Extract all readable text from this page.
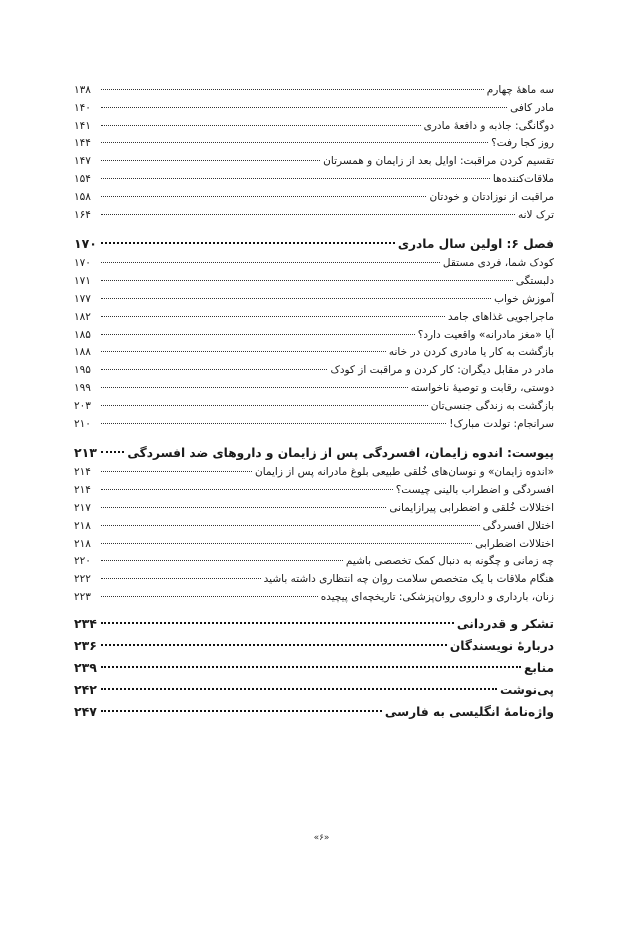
سه ماههٔ چهارم
۱۳۸
مادر کافی
۱۴۰
دوگانگی: جاذبه و دافعهٔ مادری
۱۴۱
روز کجا رفت؟
۱۴۴
تقسیم کردن مراقبت: اوایل بعد از زایمان و همسرتان
۱۴۷
ملاقات‌کننده‌ها
۱۵۴
مراقبت از نوزادتان و خودتان
۱۵۸
ترک لانه
۱۶۴
فصل ۶: اولین سال مادری
۱۷۰
کودک شما، فردی مستقل
۱۷۰
دلبستگی
۱۷۱
آموزش خواب
۱۷۷
ماجراجویی غذاهای جامد
۱۸۲
آیا «مغز مادرانه» واقعیت دارد؟
۱۸۵
بازگشت به کار یا مادری کردن در خانه
۱۸۸
مادر در مقابل دیگران: کار کردن و مراقبت از کودک
۱۹۵
دوستی، رقابت و توصیهٔ ناخواسته
۱۹۹
بازگشت به زندگی جنسی‌تان
۲۰۳
سرانجام: تولدت مبارک!
۲۱۰
پیوست: اندوه زایمان، افسردگی پس از زایمان و داروهای ضد افسردگی
۲۱۳
«اندوه زایمان» و نوسان‌های خُلقی طبیعی بلوغ مادرانه پس از زایمان
۲۱۴
افسردگی و اضطراب بالینی چیست؟
۲۱۴
اختلالات خُلقی و اضطرابی پیرازایمانی
۲۱۷
اختلال افسردگی
۲۱۸
اختلالات اضطرابی
۲۱۸
چه زمانی و چگونه به دنبال کمک تخصصی باشیم
۲۲۰
هنگام ملاقات با یک متخصص سلامت روان چه انتظاری داشته باشید
۲۲۲
زنان، بارداری و داروی روان‌پزشکی: تاریخچه‌ای پیچیده
۲۲۳
تشکر و قدردانی
۲۳۴
دربارهٔ نویسندگان
۲۳۶
منابع
۲۳۹
پی‌نوشت
۲۴۲
واژه‌نامهٔ انگلیسی به فارسی
۲۴۷
«۶»
